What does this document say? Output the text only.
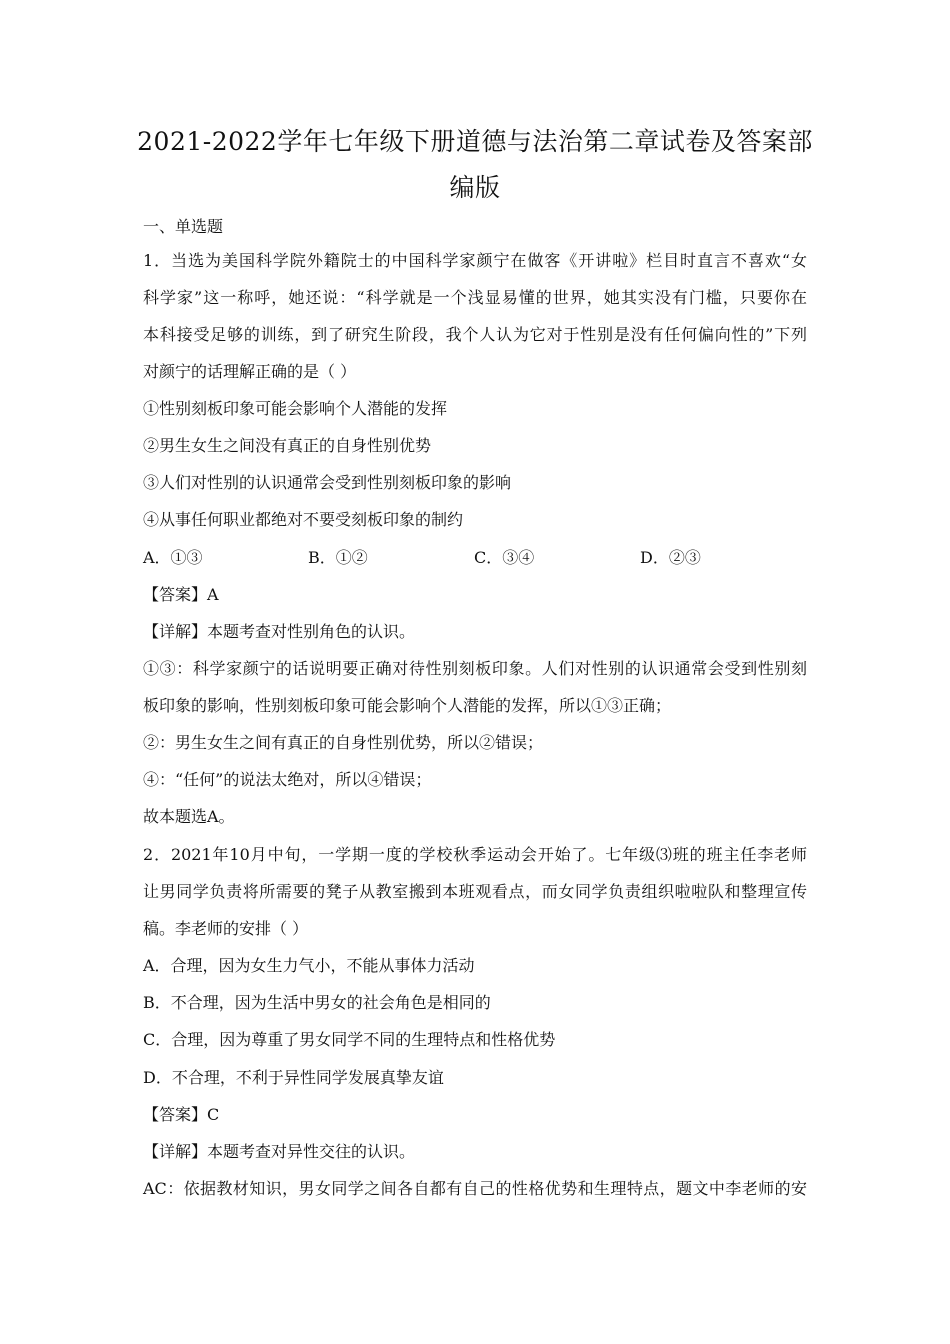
2021-2022学年七年级下册道德与法治第二章试卷及答案部
编版
一、单选题
1．当选为美国科学院外籍院士的中国科学家颜宁在做客《开讲啦》栏目时直言不喜欢“女
科学家”这一称呼，她还说：“科学就是一个浅显易懂的世界，她其实没有门槛，只要你在
本科接受足够的训练，到了研究生阶段，我个人认为它对于性别是没有任何偏向性的”下列
对颜宁的话理解正确的是（ ）
①性别刻板印象可能会影响个人潜能的发挥
②男生女生之间没有真正的自身性别优势
③人们对性别的认识通常会受到性别刻板印象的影响
④从事任何职业都绝对不要受刻板印象的制约
A．①③	B．①②	C．③④	D．②③
【答案】A
【详解】本题考查对性别角色的认识。
①③：科学家颜宁的话说明要正确对待性别刻板印象。人们对性别的认识通常会受到性别刻
板印象的影响，性别刻板印象可能会影响个人潜能的发挥，所以①③正确；
②：男生女生之间有真正的自身性别优势，所以②错误；
④：“任何”的说法太绝对，所以④错误；
故本题选A。
2．2021年10月中旬，一学期一度的学校秋季运动会开始了。七年级⑶班的班主任李老师
让男同学负责将所需要的凳子从教室搬到本班观看点，而女同学负责组织啦啦队和整理宣传
稿。李老师的安排（ ）
A．合理，因为女生力气小，不能从事体力活动
B．不合理，因为生活中男女的社会角色是相同的
C．合理，因为尊重了男女同学不同的生理特点和性格优势
D．不合理，不利于异性同学发展真挚友谊
【答案】C
【详解】本题考查对异性交往的认识。
AC：依据教材知识，男女同学之间各自都有自己的性格优势和生理特点，题文中李老师的安
